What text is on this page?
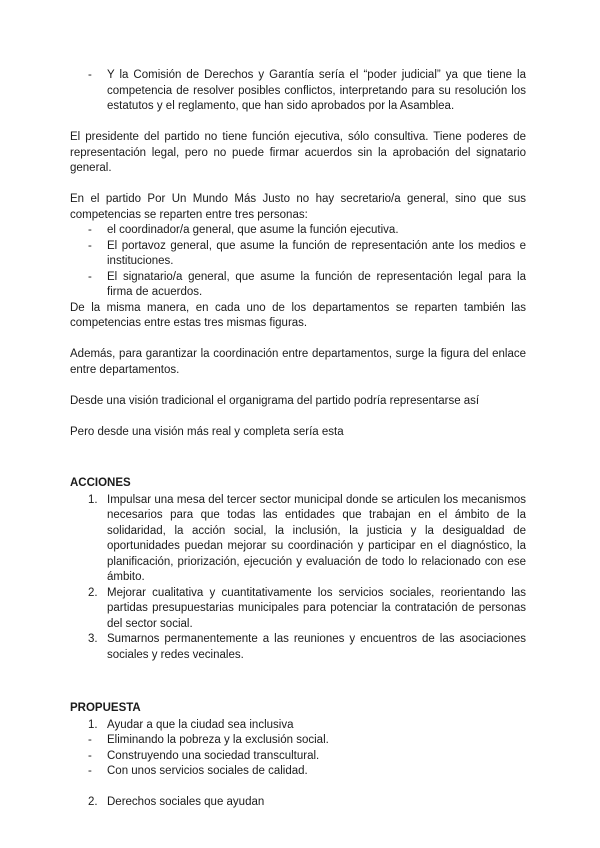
-	Y la Comisión de Derechos y Garantía sería el “poder judicial” ya que tiene la competencia de resolver posibles conflictos, interpretando para su resolución los estatutos y el reglamento, que han sido aprobados por la Asamblea.

El presidente del partido no tiene función ejecutiva, sólo consultiva. Tiene poderes de representación legal, pero no puede firmar acuerdos sin la aprobación del signatario general.

En el partido Por Un Mundo Más Justo no hay secretario/a general, sino que sus competencias se reparten entre tres personas:

-	el coordinador/a general, que asume la función ejecutiva.
-	El portavoz general, que asume la función de representación ante los medios e instituciones.
-	El signatario/a general, que asume la función de representación legal para la firma de acuerdos.

De la misma manera, en cada uno de los departamentos se reparten también las competencias entre estas tres mismas figuras.

Además, para garantizar la coordinación entre departamentos, surge la figura del enlace entre departamentos.

Desde una visión tradicional el organigrama del partido podría representarse así

Pero desde una visión más real y completa sería esta

ACCIONES

1. Impulsar una mesa del tercer sector municipal donde se articulen los mecanismos necesarios para que todas las entidades que trabajan en el ámbito de la solidaridad, la acción social, la inclusión, la justicia y la desigualdad de oportunidades puedan mejorar su coordinación y participar en el diagnóstico, la planificación, priorización, ejecución y evaluación de todo lo relacionado con ese ámbito.
2. Mejorar cualitativa y cuantitativamente los servicios sociales, reorientando las partidas presupuestarias municipales para potenciar la contratación de personas del sector social.
3. Sumarnos permanentemente a las reuniones y encuentros de las asociaciones sociales y redes vecinales.

PROPUESTA

1. Ayudar a que la ciudad sea inclusiva
-	Eliminando la pobreza y la exclusión social.
-	Construyendo una sociedad transcultural.
-	Con unos servicios sociales de calidad.
2. Derechos sociales que ayudan
